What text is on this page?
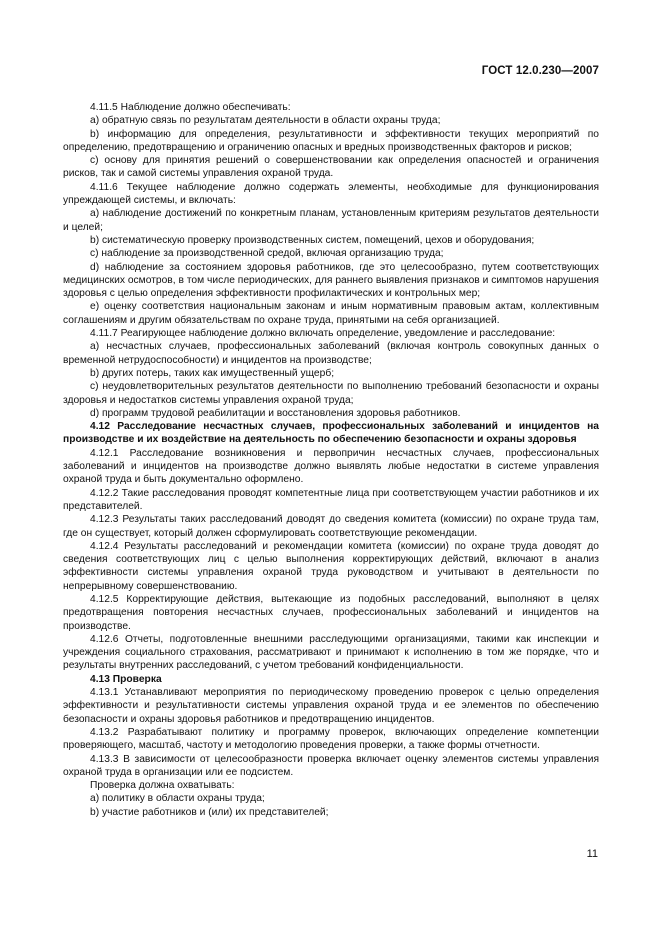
ГОСТ 12.0.230—2007

4.11.5 Наблюдение должно обеспечивать:

a) обратную связь по результатам деятельности в области охраны труда;

b) информацию для определения, результативности и эффективности текущих мероприятий по определению, предотвращению и ограничению опасных и вредных производственных факторов и рисков;

c) основу для принятия решений о совершенствовании как определения опасностей и ограничения рисков, так и самой системы управления охраной труда.

4.11.6 Текущее наблюдение должно содержать элементы, необходимые для функционирования упреждающей системы, и включать:

a) наблюдение достижений по конкретным планам, установленным критериям результатов деятельности и целей;

b) систематическую проверку производственных систем, помещений, цехов и оборудования;

c) наблюдение за производственной средой, включая организацию труда;

d) наблюдение за состоянием здоровья работников, где это целесообразно, путем соответствующих медицинских осмотров, в том числе периодических, для раннего выявления признаков и симптомов нарушения здоровья с целью определения эффективности профилактических и контрольных мер;

e) оценку соответствия национальным законам и иным нормативным правовым актам, коллективным соглашениям и другим обязательствам по охране труда, принятыми на себя организацией.

4.11.7 Реагирующее наблюдение должно включать определение, уведомление и расследование:

a) несчастных случаев, профессиональных заболеваний (включая контроль совокупных данных о временной нетрудоспособности) и инцидентов на производстве;

b) других потерь, таких как имущественный ущерб;

c) неудовлетворительных результатов деятельности по выполнению требований безопасности и охраны здоровья и недостатков системы управления охраной труда;

d) программ трудовой реабилитации и восстановления здоровья работников.

4.12 Расследование несчастных случаев, профессиональных заболеваний и инцидентов на производстве и их воздействие на деятельность по обеспечению безопасности и охраны здоровья

4.12.1 Расследование возникновения и первопричин несчастных случаев, профессиональных заболеваний и инцидентов на производстве должно выявлять любые недостатки в системе управления охраной труда и быть документально оформлено.

4.12.2 Такие расследования проводят компетентные лица при соответствующем участии работников и их представителей.

4.12.3 Результаты таких расследований доводят до сведения комитета (комиссии) по охране труда там, где он существует, который должен сформулировать соответствующие рекомендации.

4.12.4 Результаты расследований и рекомендации комитета (комиссии) по охране труда доводят до сведения соответствующих лиц с целью выполнения корректирующих действий, включают в анализ эффективности системы управления охраной труда руководством и учитывают в деятельности по непрерывному совершенствованию.

4.12.5 Корректирующие действия, вытекающие из подобных расследований, выполняют в целях предотвращения повторения несчастных случаев, профессиональных заболеваний и инцидентов на производстве.

4.12.6 Отчеты, подготовленные внешними расследующими организациями, такими как инспекции и учреждения социального страхования, рассматривают и принимают к исполнению в том же порядке, что и результаты внутренних расследований, с учетом требований конфиденциальности.

4.13 Проверка

4.13.1 Устанавливают мероприятия по периодическому проведению проверок с целью определения эффективности и результативности системы управления охраной труда и ее элементов по обеспечению безопасности и охраны здоровья работников и предотвращению инцидентов.

4.13.2 Разрабатывают политику и программу проверок, включающих определение компетенции проверяющего, масштаб, частоту и методологию проведения проверки, а также формы отчетности.

4.13.3 В зависимости от целесообразности проверка включает оценку элементов системы управления охраной труда в организации или ее подсистем.

Проверка должна охватывать:

a) политику в области охраны труда;

b) участие работников и (или) их представителей;

11
